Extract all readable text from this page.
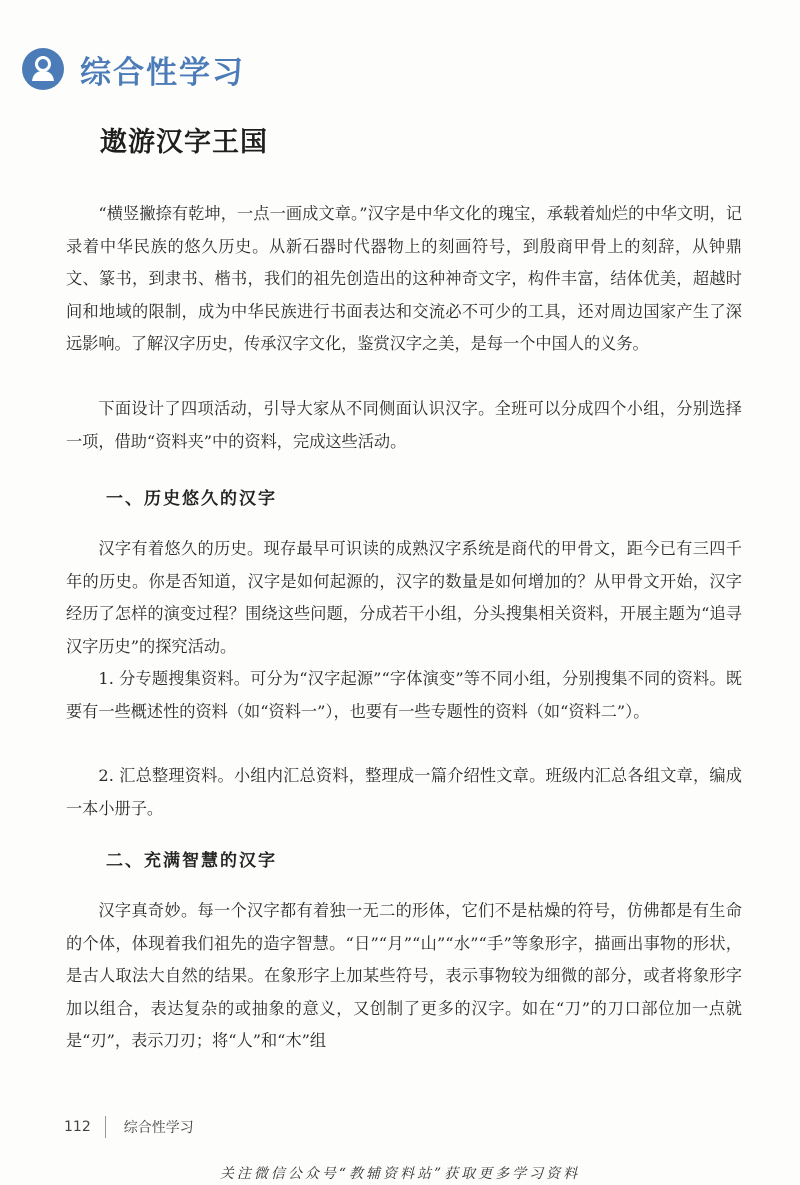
综合性学习
遨游汉字王国

“横竖撇捺有乾坤，一点一画成文章。”汉字是中华文化的瑰宝，承载着灿烂的中华文明，记录着中华民族的悠久历史。从新石器时代器物上的刻画符号，到殷商甲骨上的刻辞，从钟鼎文、篆书，到隶书、楷书，我们的祖先创造出的这种神奇文字，构件丰富，结体优美，超越时间和地域的限制，成为中华民族进行书面表达和交流必不可少的工具，还对周边国家产生了深远影响。了解汉字历史，传承汉字文化，鉴赏汉字之美，是每一个中国人的义务。

下面设计了四项活动，引导大家从不同侧面认识汉字。全班可以分成四个小组，分别选择一项，借助“资料夹”中的资料，完成这些活动。

一、历史悠久的汉字

汉字有着悠久的历史。现存最早可识读的成熟汉字系统是商代的甲骨文，距今已有三四千年的历史。你是否知道，汉字是如何起源的，汉字的数量是如何增加的？从甲骨文开始，汉字经历了怎样的演变过程？围绕这些问题，分成若干小组，分头搜集相关资料，开展主题为“追寻汉字历史”的探究活动。

1. 分专题搜集资料。可分为“汉字起源”“字体演变”等不同小组，分别搜集不同的资料。既要有一些概述性的资料（如“资料一”），也要有一些专题性的资料（如“资料二”）。

2. 汇总整理资料。小组内汇总资料，整理成一篇介绍性文章。班级内汇总各组文章，编成一本小册子。

二、充满智慧的汉字

汉字真奇妙。每一个汉字都有着独一无二的形体，它们不是枯燥的符号，仿佛都是有生命的个体，体现着我们祖先的造字智慧。“日”“月”“山”“水”“手”等象形字，描画出事物的形状，是古人取法大自然的结果。在象形字上加某些符号，表示事物较为细微的部分，或者将象形字加以组合，表达复杂的或抽象的意义，又创制了更多的汉字。如在“刀”的刀口部位加一点就是“刃”，表示刀刃；将“人”和“木”组

112 综合性学习
关注微信公众号“教辅资料站”获取更多学习资料
